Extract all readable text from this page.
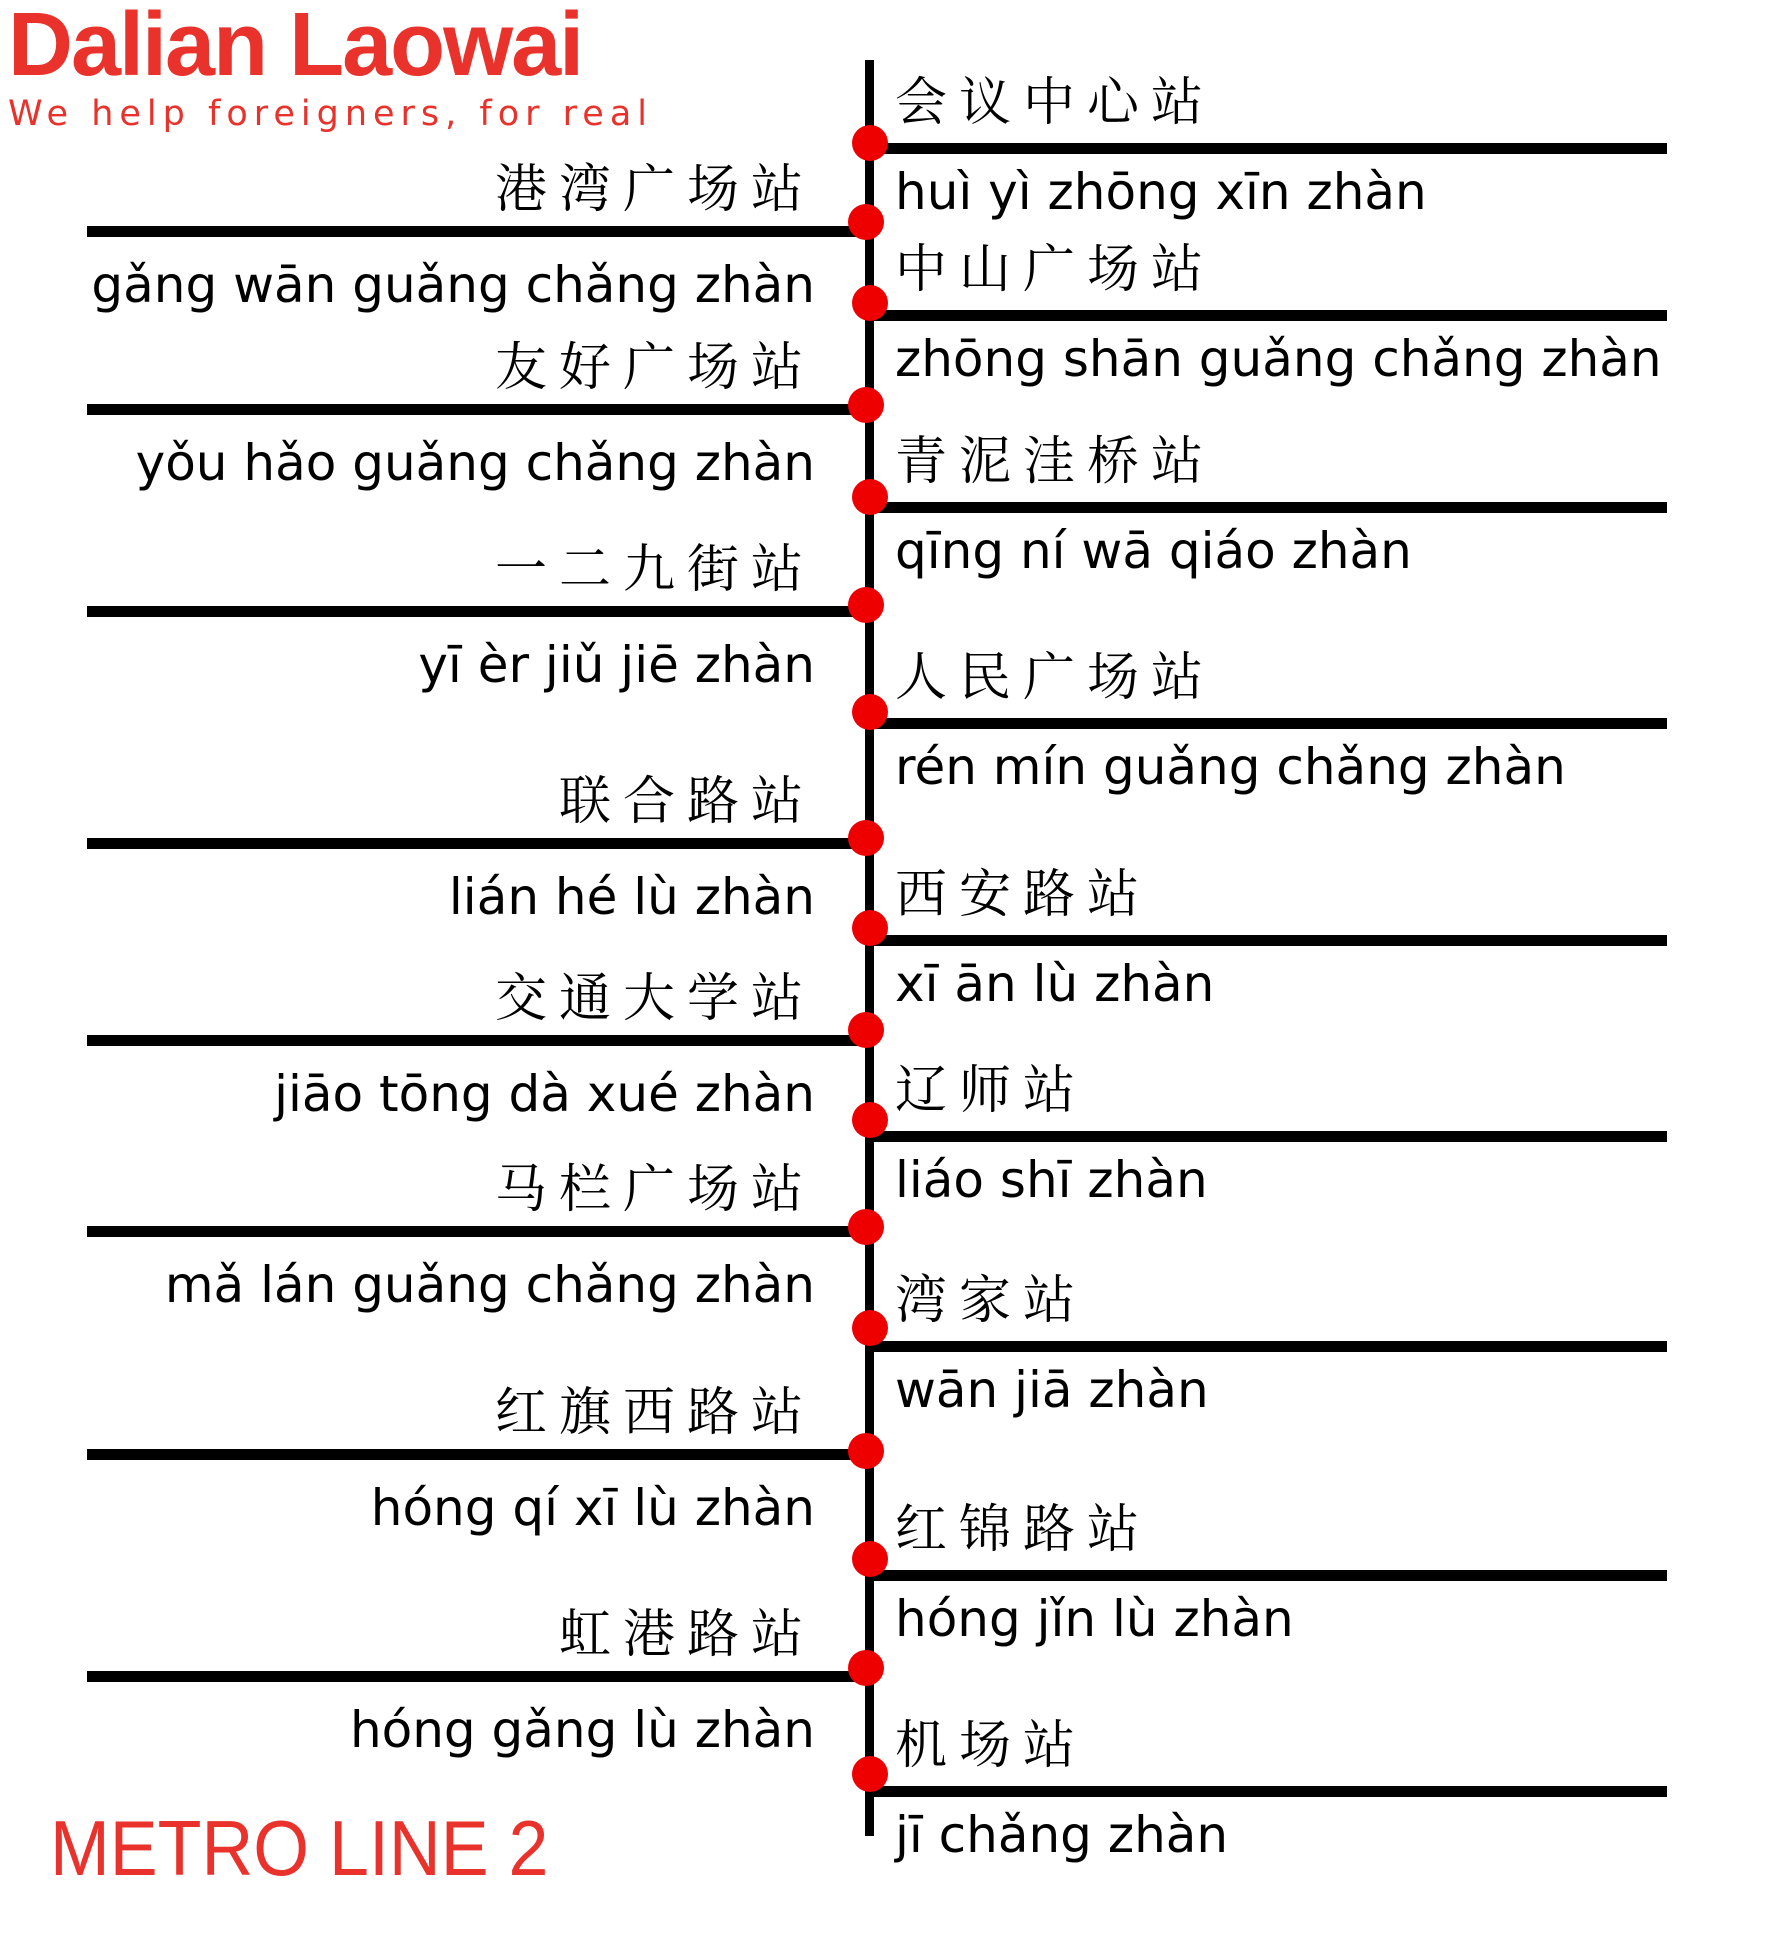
Dalian Laowai
We help foreigners, for real
港湾广场站
gǎng wān guǎng chǎng zhàn
友好广场站
yǒu hǎo guǎng chǎng zhàn
一二九街站
yī èr jiǔ jiē zhàn
联合路站
lián hé lù zhàn
交通大学站
jiāo tōng dà xué zhàn
马栏广场站
mǎ lán guǎng chǎng zhàn
红旗西路站
hóng qí xī lù zhàn
虹港路站
hóng gǎng lù zhàn
会议中心站
huì yì zhōng xīn zhàn
中山广场站
zhōng shān guǎng chǎng zhàn
青泥洼桥站
qīng ní wā qiáo zhàn
人民广场站
rén mín guǎng chǎng zhàn
西安路站
xī ān lù zhàn
辽师站
liáo shī zhàn
湾家站
wān jiā zhàn
红锦路站
hóng jǐn lù zhàn
机场站
jī chǎng zhàn
METRO LINE 2
